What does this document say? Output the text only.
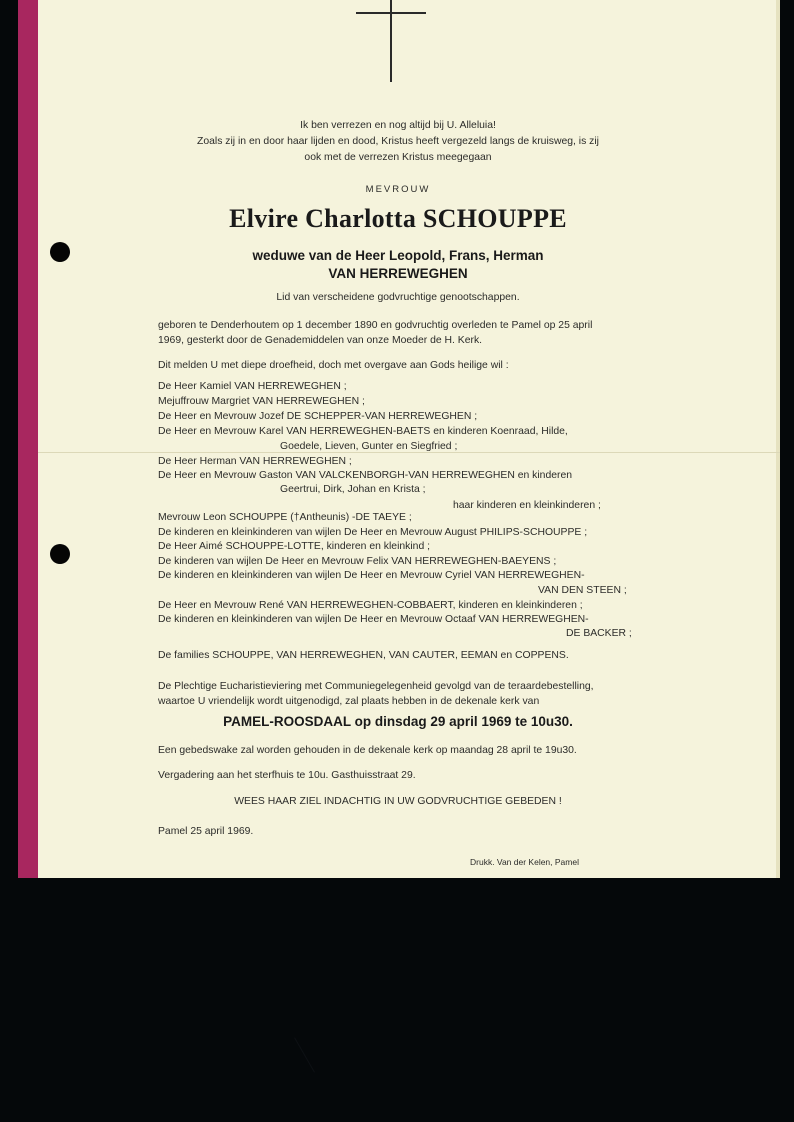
Ik ben verrezen en nog altijd bij U. Alleluia!
Zoals zij in en door haar lijden en dood, Kristus heeft vergezeld langs de kruisweg, is zij
ook met de verrezen Kristus meegegaan
MEVROUW
Elvire Charlotta SCHOUPPE
weduwe van de Heer Leopold, Frans, Herman
VAN HERREWEGHEN
Lid van verscheidene godvruchtige genootschappen.
geboren te Denderhoutem op 1 december 1890 en godvruchtig overleden te Pamel op 25 april
1969, gesterkt door de Genademiddelen van onze Moeder de H. Kerk.
Dit melden U met diepe droefheid, doch met overgave aan Gods heilige wil :
De Heer Kamiel VAN HERREWEGHEN ;
Mejuffrouw Margriet VAN HERREWEGHEN ;
De Heer en Mevrouw Jozef DE SCHEPPER-VAN HERREWEGHEN ;
De Heer en Mevrouw Karel VAN HERREWEGHEN-BAETS en kinderen Koenraad, Hilde,
Goedele, Lieven, Gunter en Siegfried ;
De Heer Herman VAN HERREWEGHEN ;
De Heer en Mevrouw Gaston VAN VALCKENBORGH-VAN HERREWEGHEN en kinderen
Geertrui, Dirk, Johan en Krista ;
haar kinderen en kleinkinderen ;
Mevrouw Leon SCHOUPPE (†Antheunis) -DE TAEYE ;
De kinderen en kleinkinderen van wijlen De Heer en Mevrouw August PHILIPS-SCHOUPPE ;
De Heer Aimé SCHOUPPE-LOTTE, kinderen en kleinkind ;
De kinderen van wijlen De Heer en Mevrouw Felix VAN HERREWEGHEN-BAEYENS ;
De kinderen en kleinkinderen van wijlen De Heer en Mevrouw Cyriel VAN HERREWEGHEN-
VAN DEN STEEN ;
De Heer en Mevrouw René VAN HERREWEGHEN-COBBAERT, kinderen en kleinkinderen ;
De kinderen en kleinkinderen van wijlen De Heer en Mevrouw Octaaf VAN HERREWEGHEN-
DE BACKER ;
De families SCHOUPPE, VAN HERREWEGHEN, VAN CAUTER, EEMAN en COPPENS.
De Plechtige Eucharistieviering met Communiegelegenheid gevolgd van de teraardebestelling,
waartoe U vriendelijk wordt uitgenodigd, zal plaats hebben in de dekenale kerk van
PAMEL-ROOSDAAL op dinsdag 29 april 1969 te 10u30.
Een gebedswake zal worden gehouden in de dekenale kerk op maandag 28 april te 19u30.
Vergadering aan het sterfhuis te 10u. Gasthuisstraat 29.
WEES HAAR ZIEL INDACHTIG IN UW GODVRUCHTIGE GEBEDEN !
Pamel 25 april 1969.
Drukk. Van der Kelen, Pamel
